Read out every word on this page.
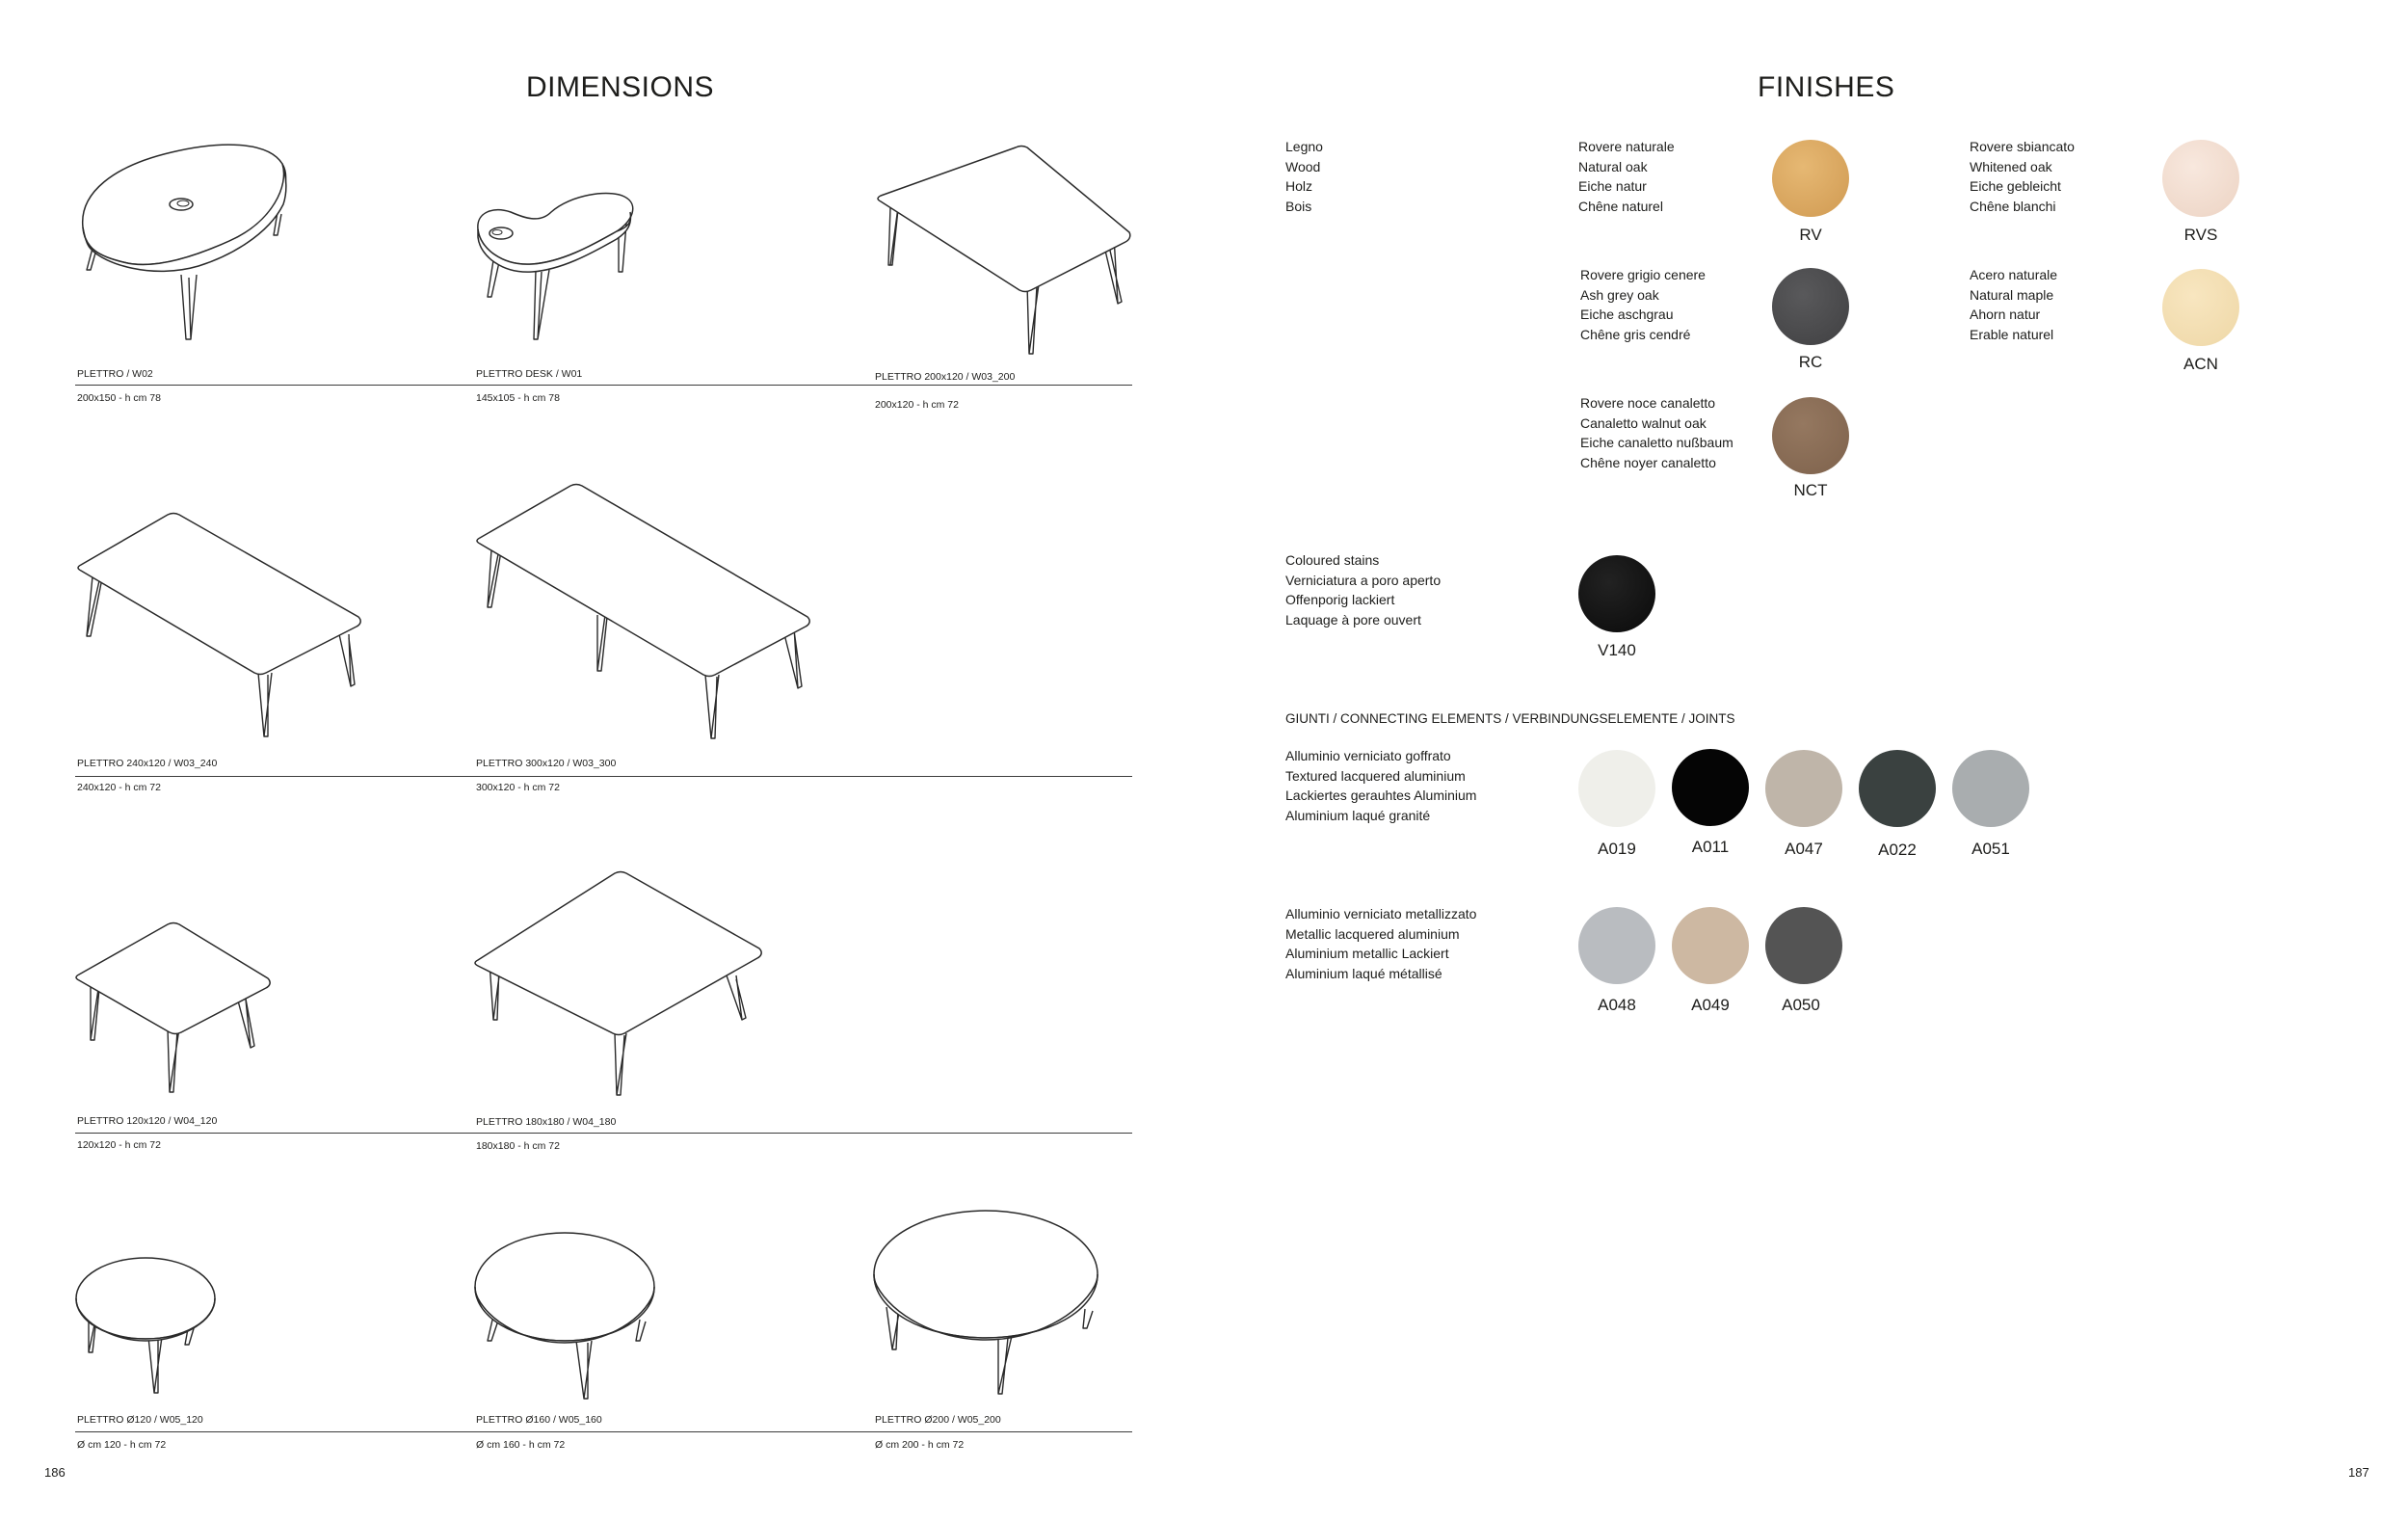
DIMENSIONS
PLETTRO / W02
200x150 - h cm 78
PLETTRO DESK / W01
145x105 - h cm 78
PLETTRO 200x120 / W03_200
200x120 - h cm 72
PLETTRO 240x120 / W03_240
240x120 - h cm 72
PLETTRO 300x120 / W03_300
300x120 - h cm 72
PLETTRO 120x120 / W04_120
120x120 - h cm 72
PLETTRO 180x180 / W04_180
180x180 - h cm 72
PLETTRO Ø120 / W05_120
Ø cm 120 - h cm 72
PLETTRO Ø160 / W05_160
Ø cm 160 - h cm 72
PLETTRO Ø200 / W05_200
Ø cm 200 - h cm 72
186
FINISHES
Legno
Wood
Holz
Bois
Rovere naturale
Natural oak
Eiche natur
Chêne naturel
RV
Rovere sbiancato
Whitened oak
Eiche gebleicht
Chêne blanchi
RVS
Rovere grigio cenere
Ash grey oak
Eiche aschgrau
Chêne gris cendré
RC
Acero naturale
Natural maple
Ahorn natur
Erable naturel
ACN
Rovere noce canaletto
Canaletto walnut oak
Eiche canaletto nußbaum
Chêne noyer canaletto
NCT
Coloured stains
Verniciatura a poro aperto
Offenporig lackiert
Laquage à pore ouvert
V140
GIUNTI / CONNECTING ELEMENTS / VERBINDUNGSELEMENTE / JOINTS
Alluminio verniciato goffrato
Textured lacquered aluminium
Lackiertes gerauhtes Aluminium
Aluminium laqué granité
A019	A011	A047	A022	A051
Alluminio verniciato metallizzato
Metallic lacquered aluminium
Aluminium metallic Lackiert
Aluminium laqué métallisé
A048	A049	A050
187
